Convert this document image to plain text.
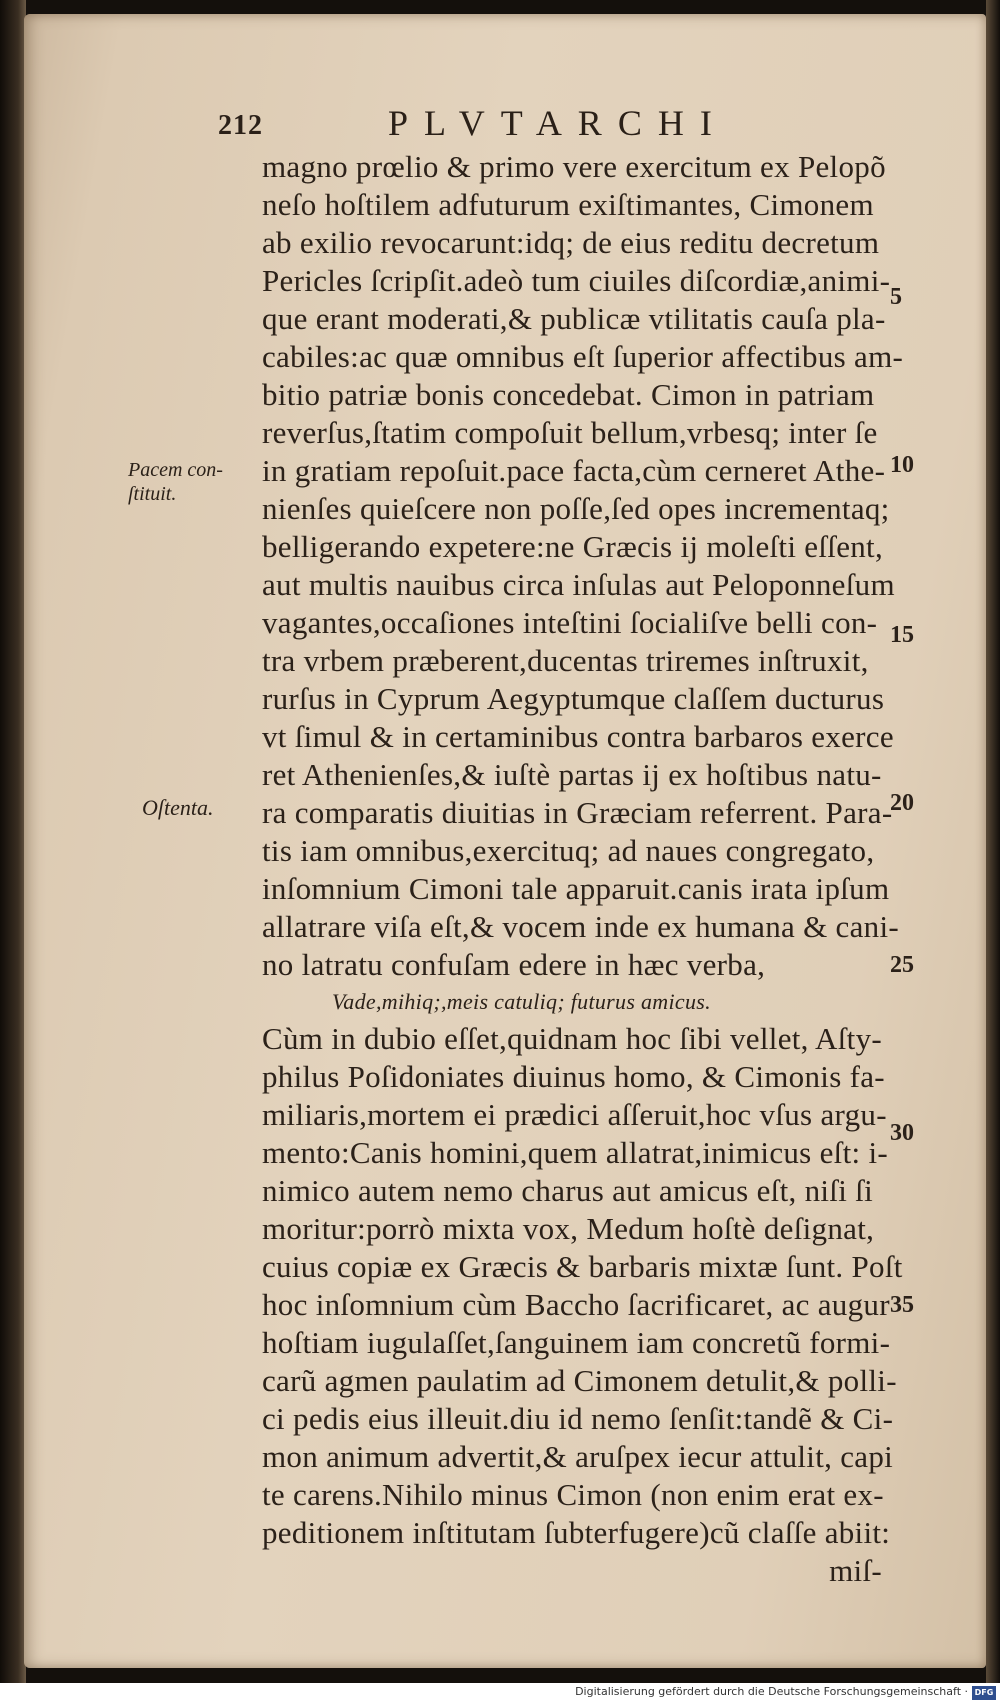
212	PLVTARCHI
magno prœlio & primo vere exercitum ex Pelopõ
neſo hoſtilem adfuturum exiſtimantes, Cimonem
ab exilio revocarunt:idq; de eius reditu decretum
Pericles ſcripſit.adeò tum ciuiles diſcordiæ,animi-
que erant moderati,& publicæ vtilitatis cauſa pla-
cabiles:ac quæ omnibus eſt ſuperior affectibus am-
bitio patriæ bonis concedebat. Cimon in patriam
reverſus,ſtatim compoſuit bellum,vrbesq; inter ſe
in gratiam repoſuit.pace facta,cùm cerneret Athe-
nienſes quieſcere non poſſe,ſed opes incrementaq;
belligerando expetere:ne Græcis ij moleſti eſſent,
aut multis nauibus circa inſulas aut Peloponneſum
vagantes,occaſiones inteſtini ſocialiſve belli con-
tra vrbem præberent,ducentas triremes inſtruxit,
rurſus in Cyprum Aegyptumque claſſem ducturus
vt ſimul & in certaminibus contra barbaros exerce
ret Athenienſes,& iuſtè partas ij ex hoſtibus natu-
ra comparatis diuitias in Græciam referrent. Para-
tis iam omnibus,exercituq; ad naues congregato,
inſomnium Cimoni tale apparuit.canis irata ipſum
allatrare viſa eſt,& vocem inde ex humana & cani-
no latratu confuſam edere in hæc verba,
Vade,mihiq;,meis catuliq; futurus amicus.
Cùm in dubio eſſet,quidnam hoc ſibi vellet, Aſty-
philus Poſidoniates diuinus homo, & Cimonis fa-
miliaris,mortem ei prædici aſſeruit,hoc vſus argu-
mento:Canis homini,quem allatrat,inimicus eſt: i-
nimico autem nemo charus aut amicus eſt, niſi ſi
moritur:porrò mixta vox, Medum hoſtè deſignat,
cuius copiæ ex Græcis & barbaris mixtæ ſunt. Poſt
hoc inſomnium cùm Baccho ſacrificaret, ac augur
hoſtiam iugulaſſet,ſanguinem iam concretũ formi-
carũ agmen paulatim ad Cimonem detulit,& polli-
ci pedis eius illeuit.diu id nemo ſenſit:tandẽ & Ci-
mon animum advertit,& aruſpex iecur attulit, capi
te carens.Nihilo minus Cimon (non enim erat ex-
peditionem inſtitutam ſubterfugere)cũ claſſe abiit:
miſ-
Pacem con-
ſtituit.
Oſtenta.
5
10
15
20
25
30
35
Digitalisierung gefördert durch die Deutsche Forschungsgemeinschaft · DFG
